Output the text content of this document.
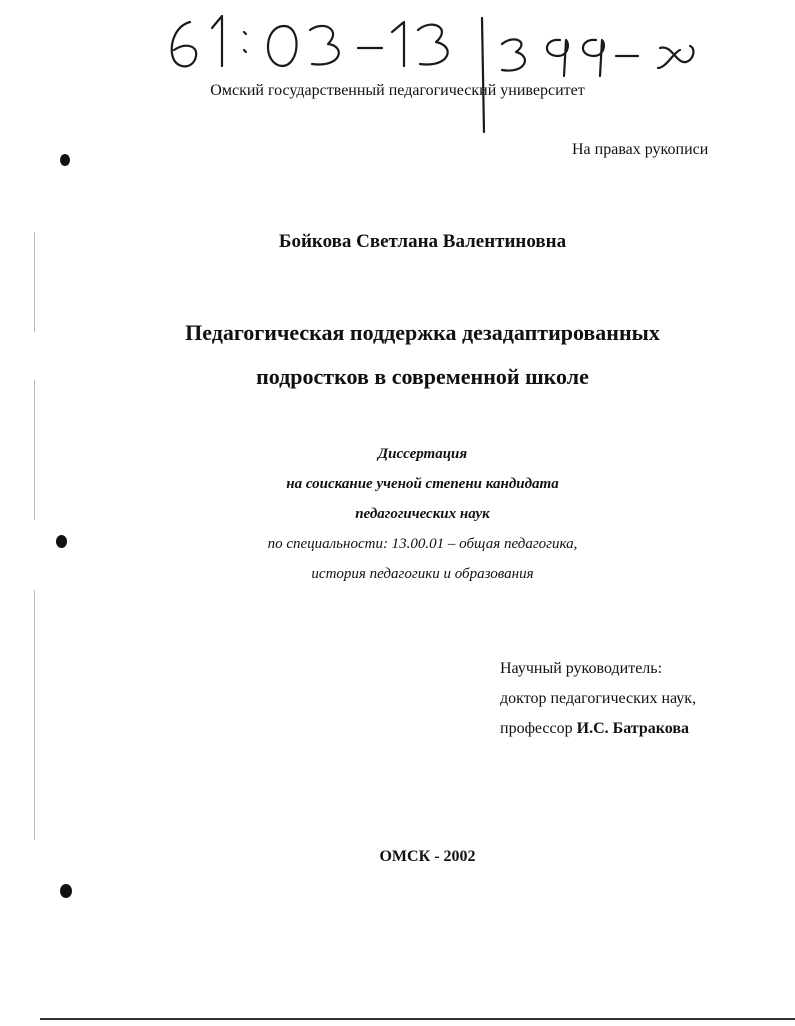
Омский государственный педагогический университет
На правах рукописи
Бойкова Светлана Валентиновна
Педагогическая поддержка дезадаптированных
подростков в современной школе
Диссертация
на соискание ученой степени кандидата
педагогических наук
по специальности: 13.00.01 – общая педагогика,
история педагогики и образования
Научный руководитель:
доктор педагогических наук,
профессор И.С. Батракова
ОМСК - 2002
